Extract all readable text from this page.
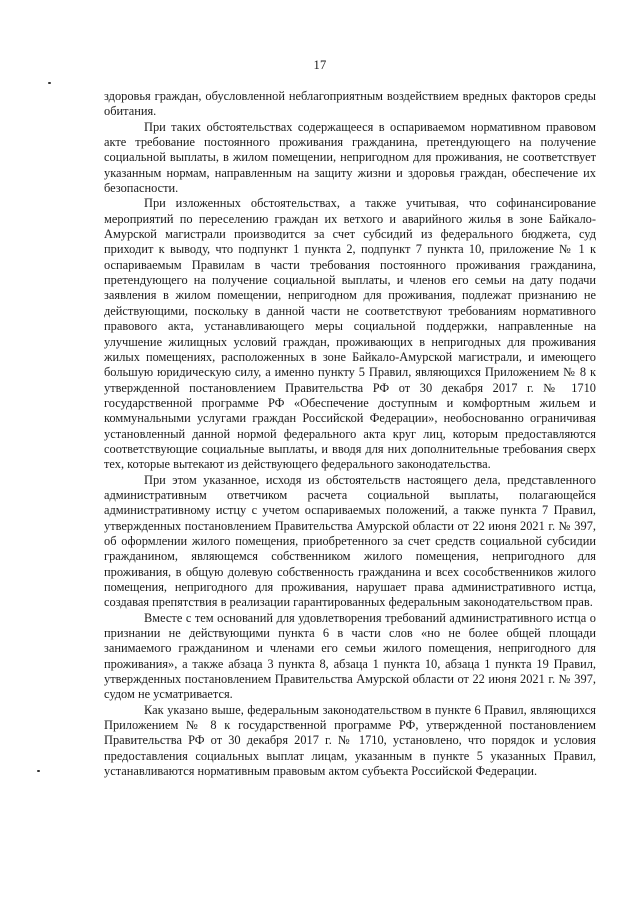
17

здоровья граждан, обусловленной неблагоприятным воздействием вредных факторов среды обитания.

При таких обстоятельствах содержащееся в оспариваемом нормативном правовом акте требование постоянного проживания гражданина, претендующего на получение социальной выплаты, в жилом помещении, непригодном для проживания, не соответствует указанным нормам, направленным на защиту жизни и здоровья граждан, обеспечение их безопасности.

При изложенных обстоятельствах, а также учитывая, что софинансирование мероприятий по переселению граждан их ветхого и аварийного жилья в зоне Байкало-Амурской магистрали производится за счет субсидий из федерального бюджета, суд приходит к выводу, что подпункт 1 пункта 2, подпункт 7 пункта 10, приложение № 1 к оспариваемым Правилам в части требования постоянного проживания гражданина, претендующего на получение социальной выплаты, и членов его семьи на дату подачи заявления в жилом помещении, непригодном для проживания, подлежат признанию не действующими, поскольку в данной части не соответствуют требованиям нормативного правового акта, устанавливающего меры социальной поддержки, направленные на улучшение жилищных условий граждан, проживающих в непригодных для проживания жилых помещениях, расположенных в зоне Байкало-Амурской магистрали, и имеющего большую юридическую силу, а именно пункту 5 Правил, являющихся Приложением № 8 к утвержденной постановлением Правительства РФ от 30 декабря 2017 г. № 1710 государственной программе РФ «Обеспечение доступным и комфортным жильем и коммунальными услугами граждан Российской Федерации», необоснованно ограничивая установленный данной нормой федерального акта круг лиц, которым предоставляются соответствующие социальные выплаты, и вводя для них дополнительные требования сверх тех, которые вытекают из действующего федерального законодательства.

При этом указанное, исходя из обстоятельств настоящего дела, представленного административным ответчиком расчета социальной выплаты, полагающейся административному истцу с учетом оспариваемых положений, а также пункта 7 Правил, утвержденных постановлением Правительства Амурской области от 22 июня 2021 г. № 397, об оформлении жилого помещения, приобретенного за счет средств социальной субсидии гражданином, являющемся собственником жилого помещения, непригодного для проживания, в общую долевую собственность гражданина и всех сособственников жилого помещения, непригодного для проживания, нарушает права административного истца, создавая препятствия в реализации гарантированных федеральным законодательством прав.

Вместе с тем оснований для удовлетворения требований административного истца о признании не действующими пункта 6 в части слов «но не более общей площади занимаемого гражданином и членами его семьи жилого помещения, непригодного для проживания», а также абзаца 3 пункта 8, абзаца 1 пункта 10, абзаца 1 пункта 19 Правил, утвержденных постановлением Правительства Амурской области от 22 июня 2021 г. № 397, судом не усматривается.

Как указано выше, федеральным законодательством в пункте 6 Правил, являющихся Приложением № 8 к государственной программе РФ, утвержденной постановлением Правительства РФ от 30 декабря 2017 г. № 1710, установлено, что порядок и условия предоставления социальных выплат лицам, указанным в пункте 5 указанных Правил, устанавливаются нормативным правовым актом субъекта Российской Федерации.
